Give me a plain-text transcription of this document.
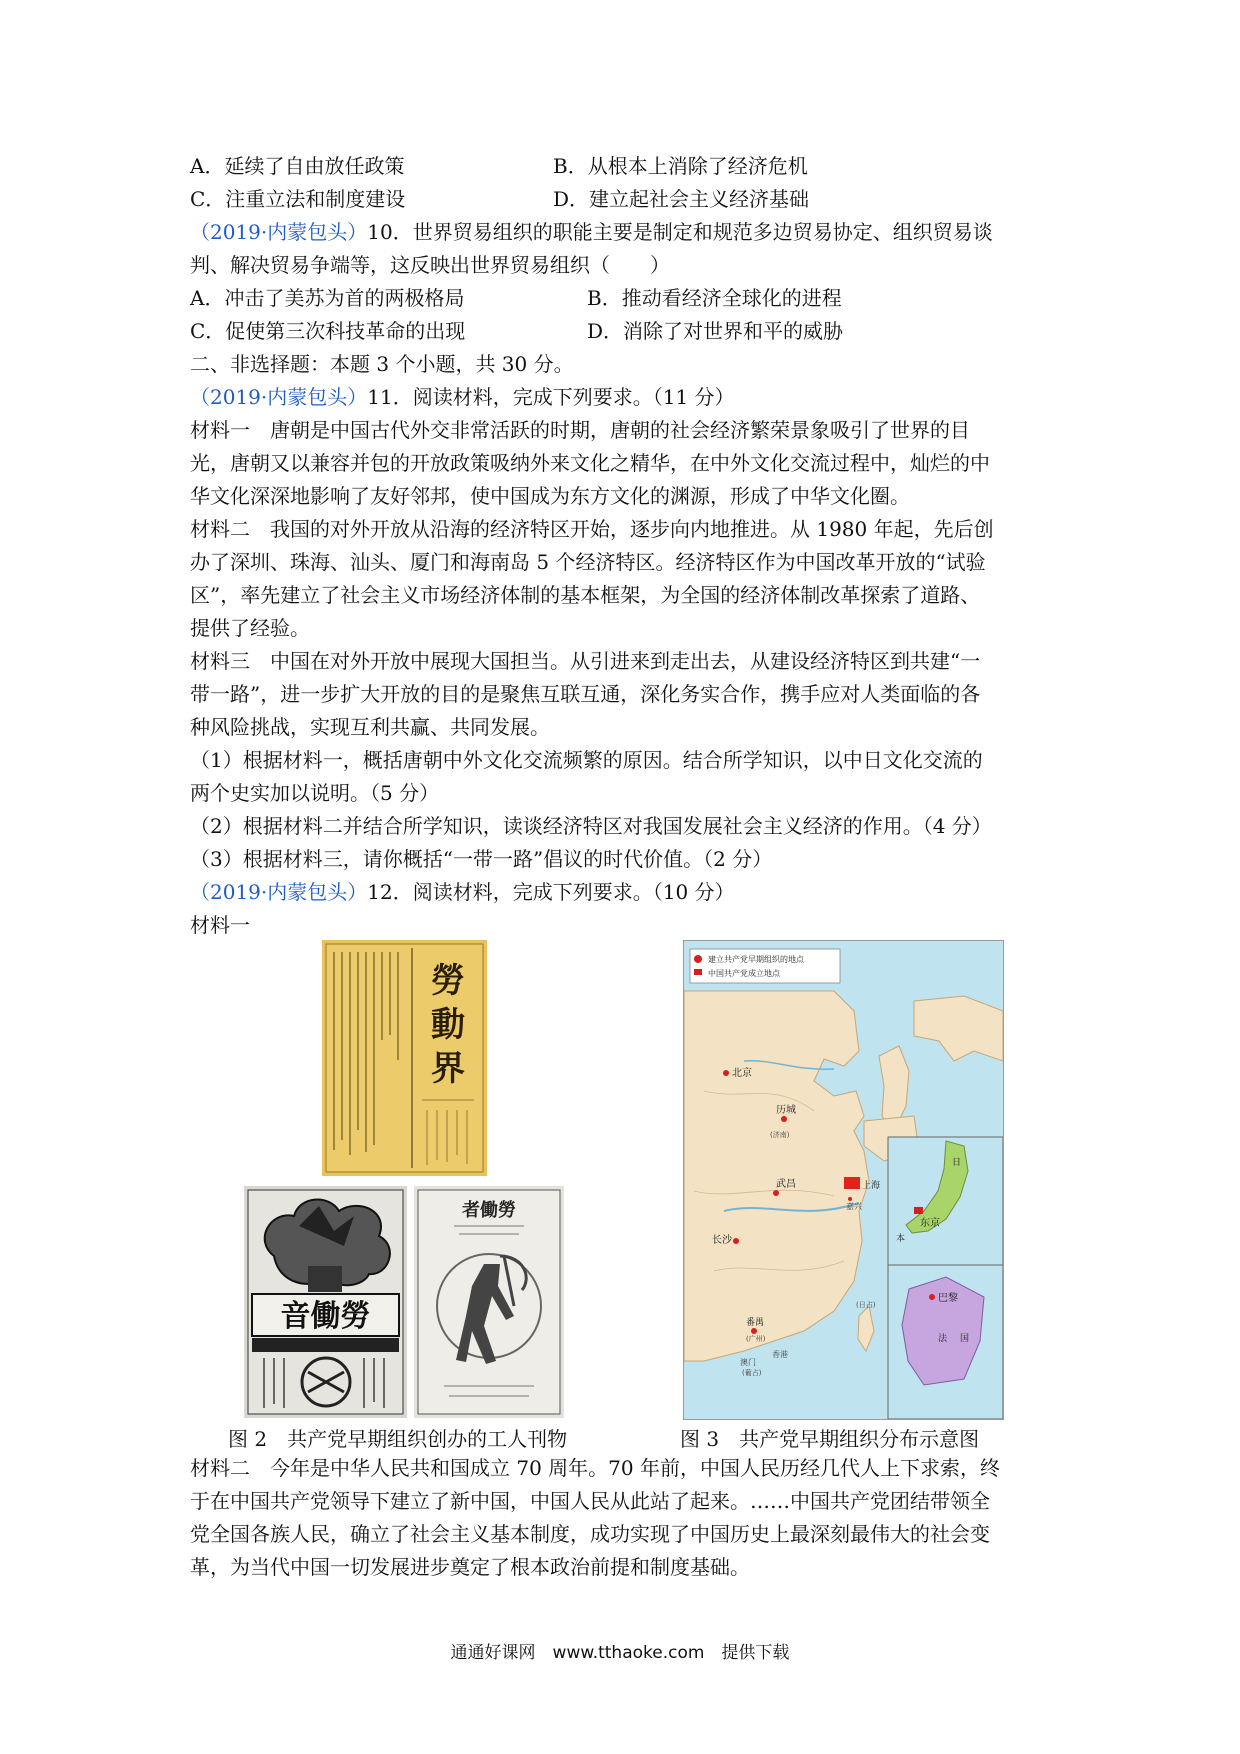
A．延续了自由放任政策	B．从根本上消除了经济危机
C．注重立法和制度建设	D．建立起社会主义经济基础
（2019·内蒙包头）10．世界贸易组织的职能主要是制定和规范多边贸易协定、组织贸易谈
判、解决贸易争端等，这反映出世界贸易组织（　　）
A．冲击了美苏为首的两极格局	B．推动看经济全球化的进程
C．促使第三次科技革命的出现	D．消除了对世界和平的威胁
二、非选择题：本题 3 个小题，共 30 分。
（2019·内蒙包头）11．阅读材料，完成下列要求。（11 分）
材料一　唐朝是中国古代外交非常活跃的时期，唐朝的社会经济繁荣景象吸引了世界的目
光，唐朝又以兼容并包的开放政策吸纳外来文化之精华，在中外文化交流过程中，灿烂的中
华文化深深地影响了友好邻邦，使中国成为东方文化的渊源，形成了中华文化圈。
材料二　我国的对外开放从沿海的经济特区开始，逐步向内地推进。从 1980 年起，先后创
办了深圳、珠海、汕头、厦门和海南岛 5 个经济特区。经济特区作为中国改革开放的“试验
区”，率先建立了社会主义市场经济体制的基本框架，为全国的经济体制改革探索了道路、
提供了经验。
材料三　中国在对外开放中展现大国担当。从引进来到走出去，从建设经济特区到共建“一
带一路”，进一步扩大开放的目的是聚焦互联互通，深化务实合作，携手应对人类面临的各
种风险挑战，实现互利共赢、共同发展。
（1）根据材料一，概括唐朝中外文化交流频繁的原因。结合所学知识，以中日文化交流的
两个史实加以说明。（5 分）
（2）根据材料二并结合所学知识，读谈经济特区对我国发展社会主义经济的作用。（4 分）
（3）根据材料三，请你概括“一带一路”倡议的时代价值。（2 分）
（2019·内蒙包头）12．阅读材料，完成下列要求。（10 分）
材料一
勞
動
界
音働勞
者働勞
建立共产党早期组织的地点
中国共产党成立地点
北京
历城
(济南)
上海
嘉兴
武昌
长沙
番禺
(广州)
香港
澳门
(葡占)
(日占)
东京
日
本
巴黎
法 国
图 2　共产党早期组织创办的工人刊物	图 3　共产党早期组织分布示意图
材料二　今年是中华人民共和国成立 70 周年。70 年前，中国人民历经几代人上下求索，终
于在中国共产党领导下建立了新中国，中国人民从此站了起来。……中国共产党团结带领全
党全国各族人民，确立了社会主义基本制度，成功实现了中国历史上最深刻最伟大的社会变
革，为当代中国一切发展进步奠定了根本政治前提和制度基础。
通通好课网　www.tthaoke.com　提供下载
